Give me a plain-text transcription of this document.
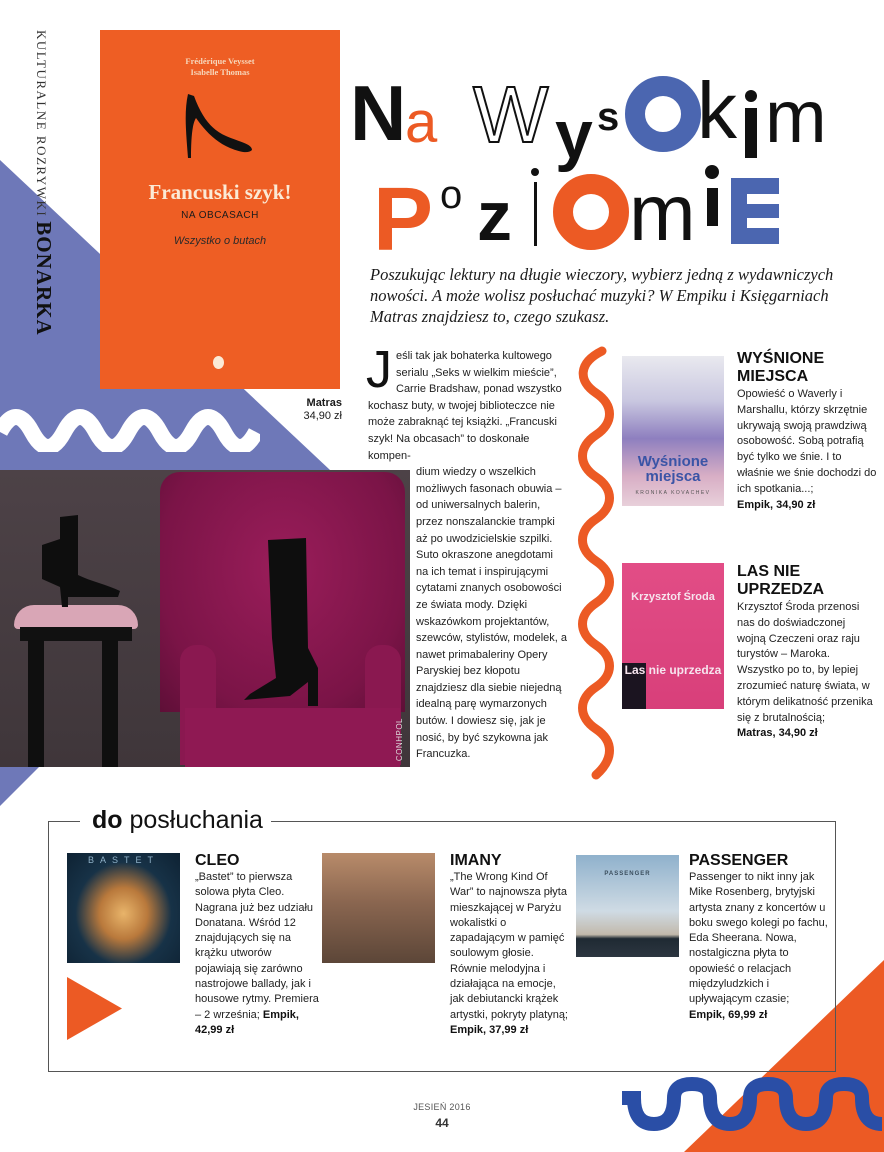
KULTURALNE ROZRYWKI BONARKA
Frédérique Veysset
Isabelle Thomas
Francuski szyk!
NA OBCASACH
Wszystko o butach
Matras
34,90 zł
N
a W y s k m
P o z m
Poszukując lektury na długie wieczory, wybierz jedną z wydawniczych nowości. A może wolisz posłuchać muzyki? W Empiku i Księgarniach Matras znajdziesz to, czego szukasz.
J eśli tak jak bohaterka kultowego serialu „Seks w wielkim mieście”, Carrie Bradshaw, ponad wszystko kochasz buty, w twojej biblioteczce nie może zabraknąć tej książki. „Francuski szyk! Na obcasach” to doskonałe kompen-
dium wiedzy o wszelkich możliwych fasonach obuwia – od uniwersalnych balerin, przez nonszalanckie trampki aż po uwodzicielskie szpilki. Suto okraszone anegdotami na ich temat i inspirującymi cytatami znanych osobowości ze świata mody. Dzięki wskazówkom projektantów, szewców, stylistów, modelek, a nawet primabaleriny Opery Paryskiej bez kłopotu znajdziesz dla siebie niejedną idealną parę wymarzonych butów. I dowiesz się, jak je nosić, by być szykowna jak Francuzka.
CONHPOL
Wyśnione miejsca
KRONIKA KOVACHEV
WYŚNIONE MIEJSCA
Opowieść o Waverly i Marshallu, którzy skrzętnie ukrywają swoją prawdziwą osobowość. Sobą potrafią być tylko we śnie. I to właśnie we śnie dochodzi do ich spotkania...;
Empik, 34,90 zł
Krzysztof Środa
Las nie uprzedza
LAS NIE UPRZEDZA
Krzysztof Środa przenosi nas do doświadczonej wojną Czeczeni oraz raju turystów – Maroka. Wszystko po to, by lepiej zrozumieć naturę świata, w którym delikatność przenika się z brutalnością;
Matras, 34,90 zł
do posłuchania
BASTET	CLEO
„Bastet” to pierwsza solowa płyta Cleo. Nagrana już bez udziału Donatana. Wśród 12 znajdujących się na krążku utworów pojawiają się zarówno nastrojowe ballady, jak i housowe rytmy. Premiera – 2 września; Empik, 42,99 zł
IMANY
„The Wrong Kind Of War” to najnowsza płyta mieszkającej w Paryżu wokalistki o zapadającym w pamięć soulowym głosie. Równie melodyjna i działająca na emocje, jak debiutancki krążek artystki, pokryty platyną; Empik, 37,99 zł
PASSENGER
PASSENGER
Passenger to nikt inny jak Mike Rosenberg, brytyjski artysta znany z koncertów u boku swego kolegi po fachu, Eda Sheerana. Nowa, nostalgiczna płyta to opowieść o relacjach międzyludzkich i upływającym czasie;
Empik, 69,99 zł
JESIEŃ 2016
44
